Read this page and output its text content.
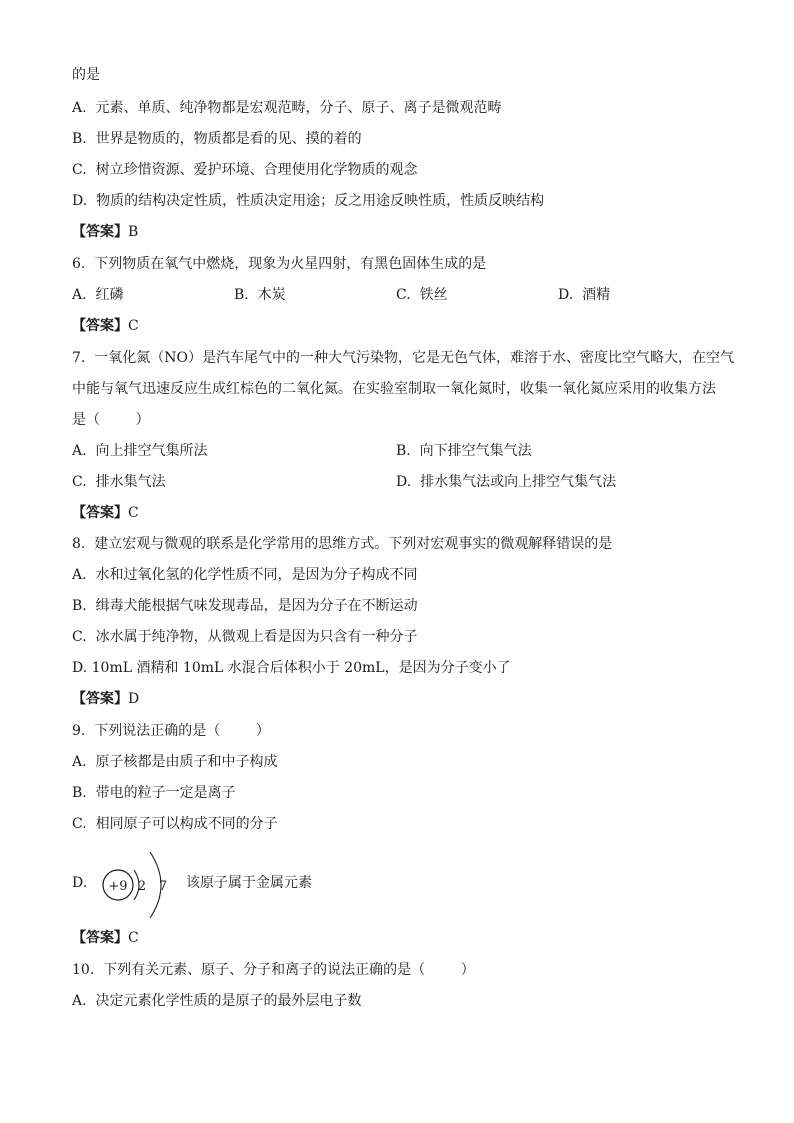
的是
A.  元素、单质、纯净物都是宏观范畴，分子、原子、离子是微观范畴
B.  世界是物质的，物质都是看的见、摸的着的
C.  树立珍惜资源、爱护环境、合理使用化学物质的观念
D.  物质的结构决定性质，性质决定用途；反之用途反映性质，性质反映结构
【答案】B
6.  下列物质在氧气中燃烧，现象为火星四射，有黑色固体生成的是
A.  红磷	B.  木炭	C.  铁丝	D.  酒精
【答案】C
7.  一氧化氮（NO）是汽车尾气中的一种大气污染物，它是无色气体，难溶于水、密度比空气略大，在空气
中能与氧气迅速反应生成红棕色的二氧化氮。在实验室制取一氧化氮时，收集一氧化氮应采用的收集方法
是（        ）
A.  向上排空气集所法	B.  向下排空气集气法
C.  排水集气法	D.  排水集气法或向上排空气集气法
【答案】C
8.  建立宏观与微观的联系是化学常用的思维方式。下列对宏观事实的微观解释错误的是
A.  水和过氧化氢的化学性质不同，是因为分子构成不同
B.  缉毒犬能根据气味发现毒品，是因为分子在不断运动
C.  冰水属于纯净物，从微观上看是因为只含有一种分子
D. 10mL 酒精和 10mL 水混合后体积小于 20mL，是因为分子变小了
【答案】D
9.  下列说法正确的是（        ）
A.  原子核都是由质子和中子构成
B.  带电的粒子一定是离子
C.  相同原子可以构成不同的分子
D. +9 2 7 该原子属于金属元素
【答案】C
10.  下列有关元素、原子、分子和离子的说法正确的是（        ）
A.  决定元素化学性质的是原子的最外层电子数
